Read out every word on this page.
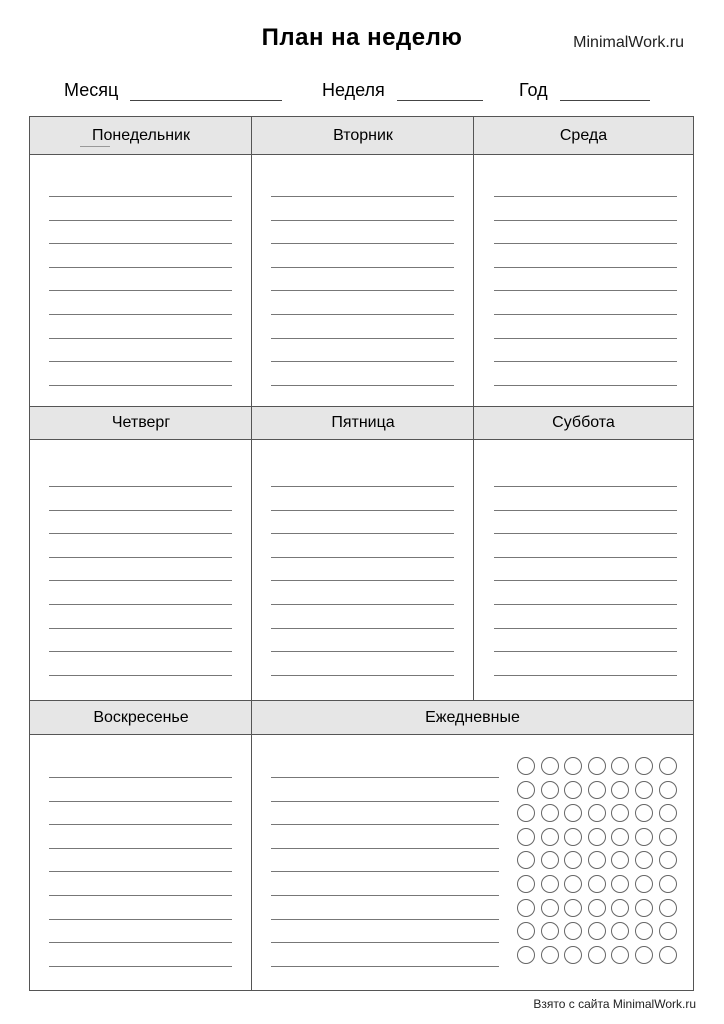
План на неделю	MinimalWork.ru
Месяц	Неделя	Год
Понедельник	Вторник	Среда
Четверг	Пятница	Суббота
Воскресенье	Ежедневные
Взято с сайта MinimalWork.ru
